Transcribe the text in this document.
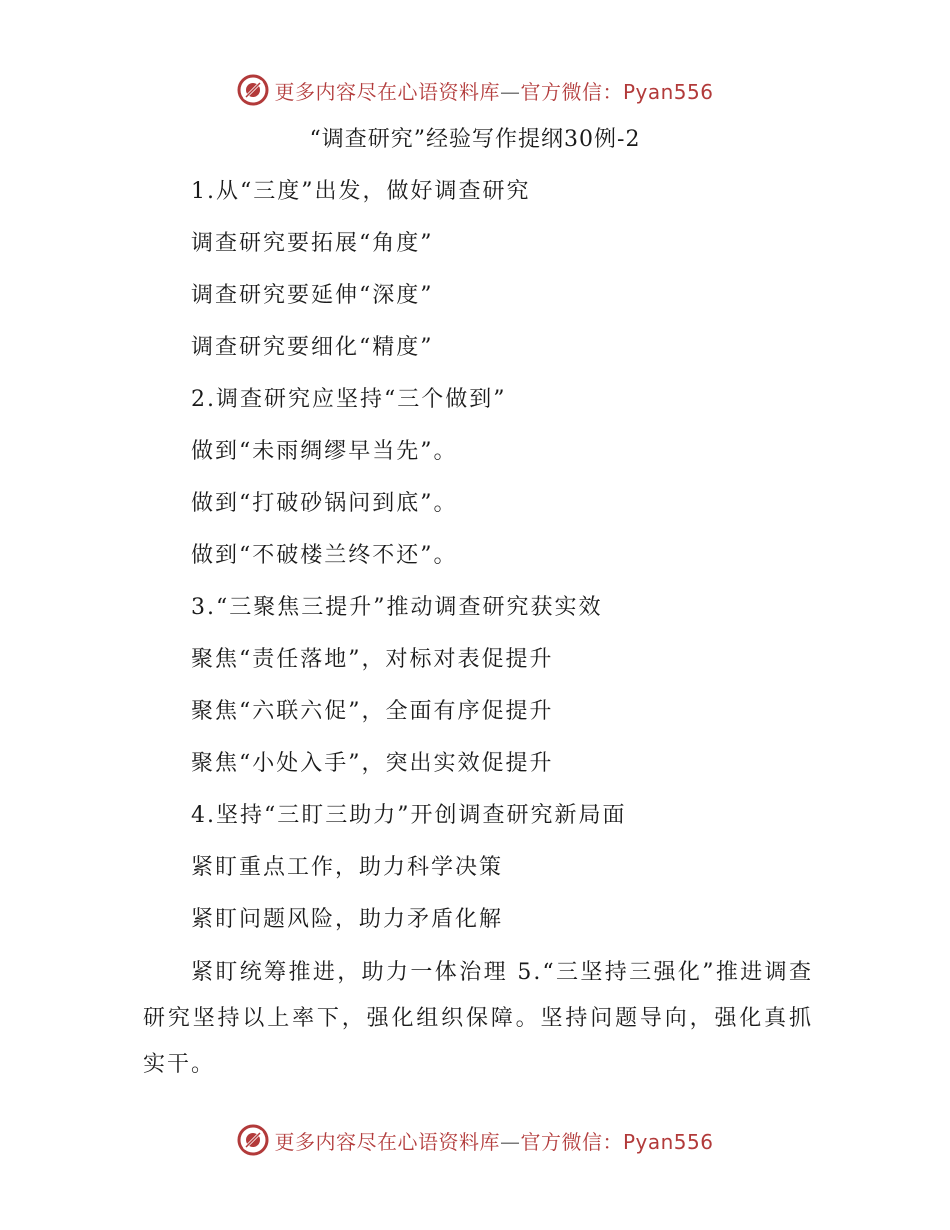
更多内容尽在心语资料库—官方微信：Pyan556
“调查研究”经验写作提纲30例-2
1.从“三度”出发，做好调查研究
调查研究要拓展“角度”
调查研究要延伸“深度”
调查研究要细化“精度”
2.调查研究应坚持“三个做到”
做到“未雨绸缪早当先”。
做到“打破砂锅问到底”。
做到“不破楼兰终不还”。
3.“三聚焦三提升”推动调查研究获实效
聚焦“责任落地”，对标对表促提升
聚焦“六联六促”，全面有序促提升
聚焦“小处入手”，突出实效促提升
4.坚持“三盯三助力”开创调查研究新局面
紧盯重点工作，助力科学决策
紧盯问题风险，助力矛盾化解
紧盯统筹推进，助力一体治理 5.“三坚持三强化”推进调查研究坚持以上率下，强化组织保障。坚持问题导向，强化真抓实干。
更多内容尽在心语资料库—官方微信：Pyan556
